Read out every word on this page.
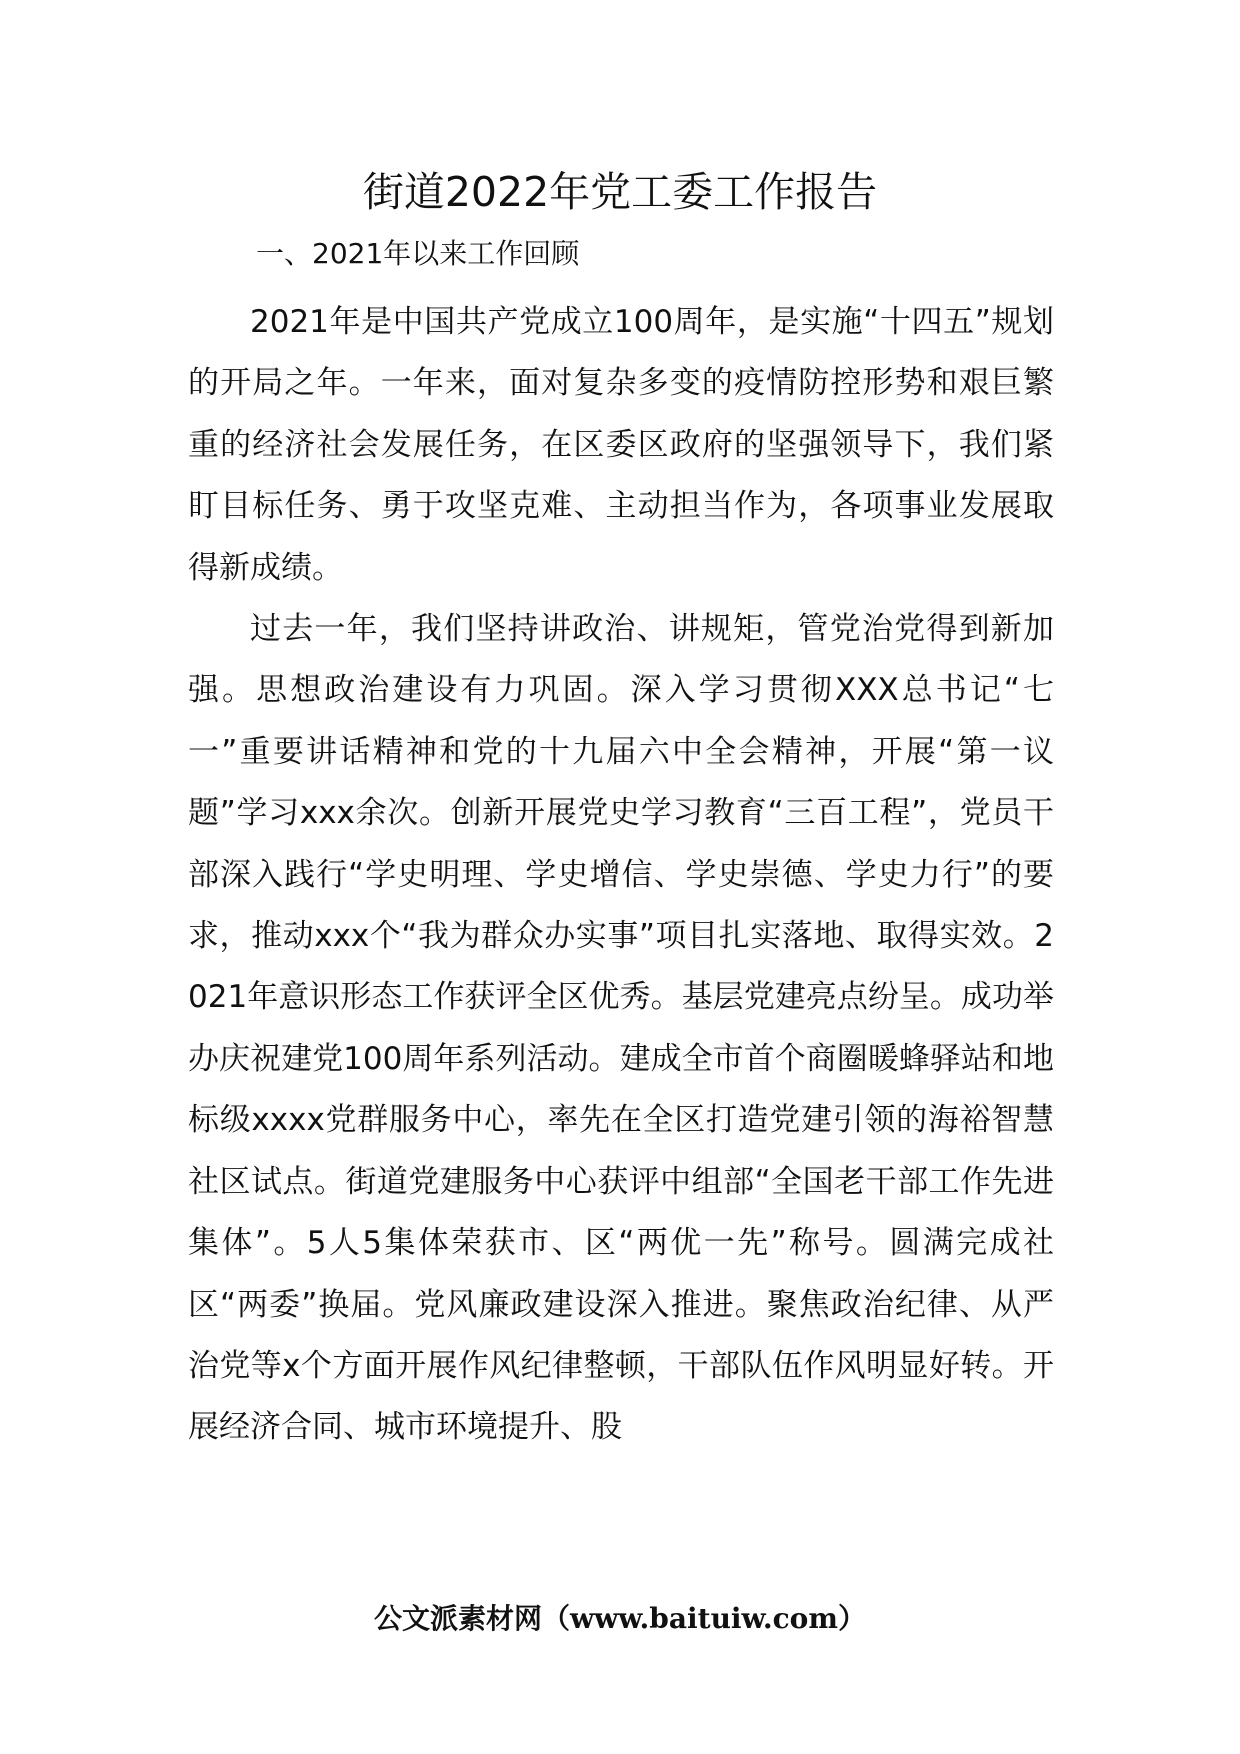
街道2022年党工委工作报告
一、2021年以来工作回顾

2021年是中国共产党成立100周年，是实施“十四五”规划的开局之年。一年来，面对复杂多变的疫情防控形势和艰巨繁重的经济社会发展任务，在区委区政府的坚强领导下，我们紧盯目标任务、勇于攻坚克难、主动担当作为，各项事业发展取得新成绩。

过去一年，我们坚持讲政治、讲规矩，管党治党得到新加强。思想政治建设有力巩固。深入学习贯彻XXX总书记“七一”重要讲话精神和党的十九届六中全会精神，开展“第一议题”学习xxx余次。创新开展党史学习教育“三百工程”，党员干部深入践行“学史明理、学史增信、学史崇德、学史力行”的要求，推动xxx个“我为群众办实事”项目扎实落地、取得实效。2021年意识形态工作获评全区优秀。基层党建亮点纷呈。成功举办庆祝建党100周年系列活动。建成全市首个商圈暖蜂驿站和地标级xxxx党群服务中心，率先在全区打造党建引领的海裕智慧社区试点。街道党建服务中心获评中组部“全国老干部工作先进集体”。5人5集体荣获市、区“两优一先”称号。圆满完成社区“两委”换届。党风廉政建设深入推进。聚焦政治纪律、从严治党等x个方面开展作风纪律整顿，干部队伍作风明显好转。开展经济合同、城市环境提升、股

公文派素材网（www.baituiw.com）
